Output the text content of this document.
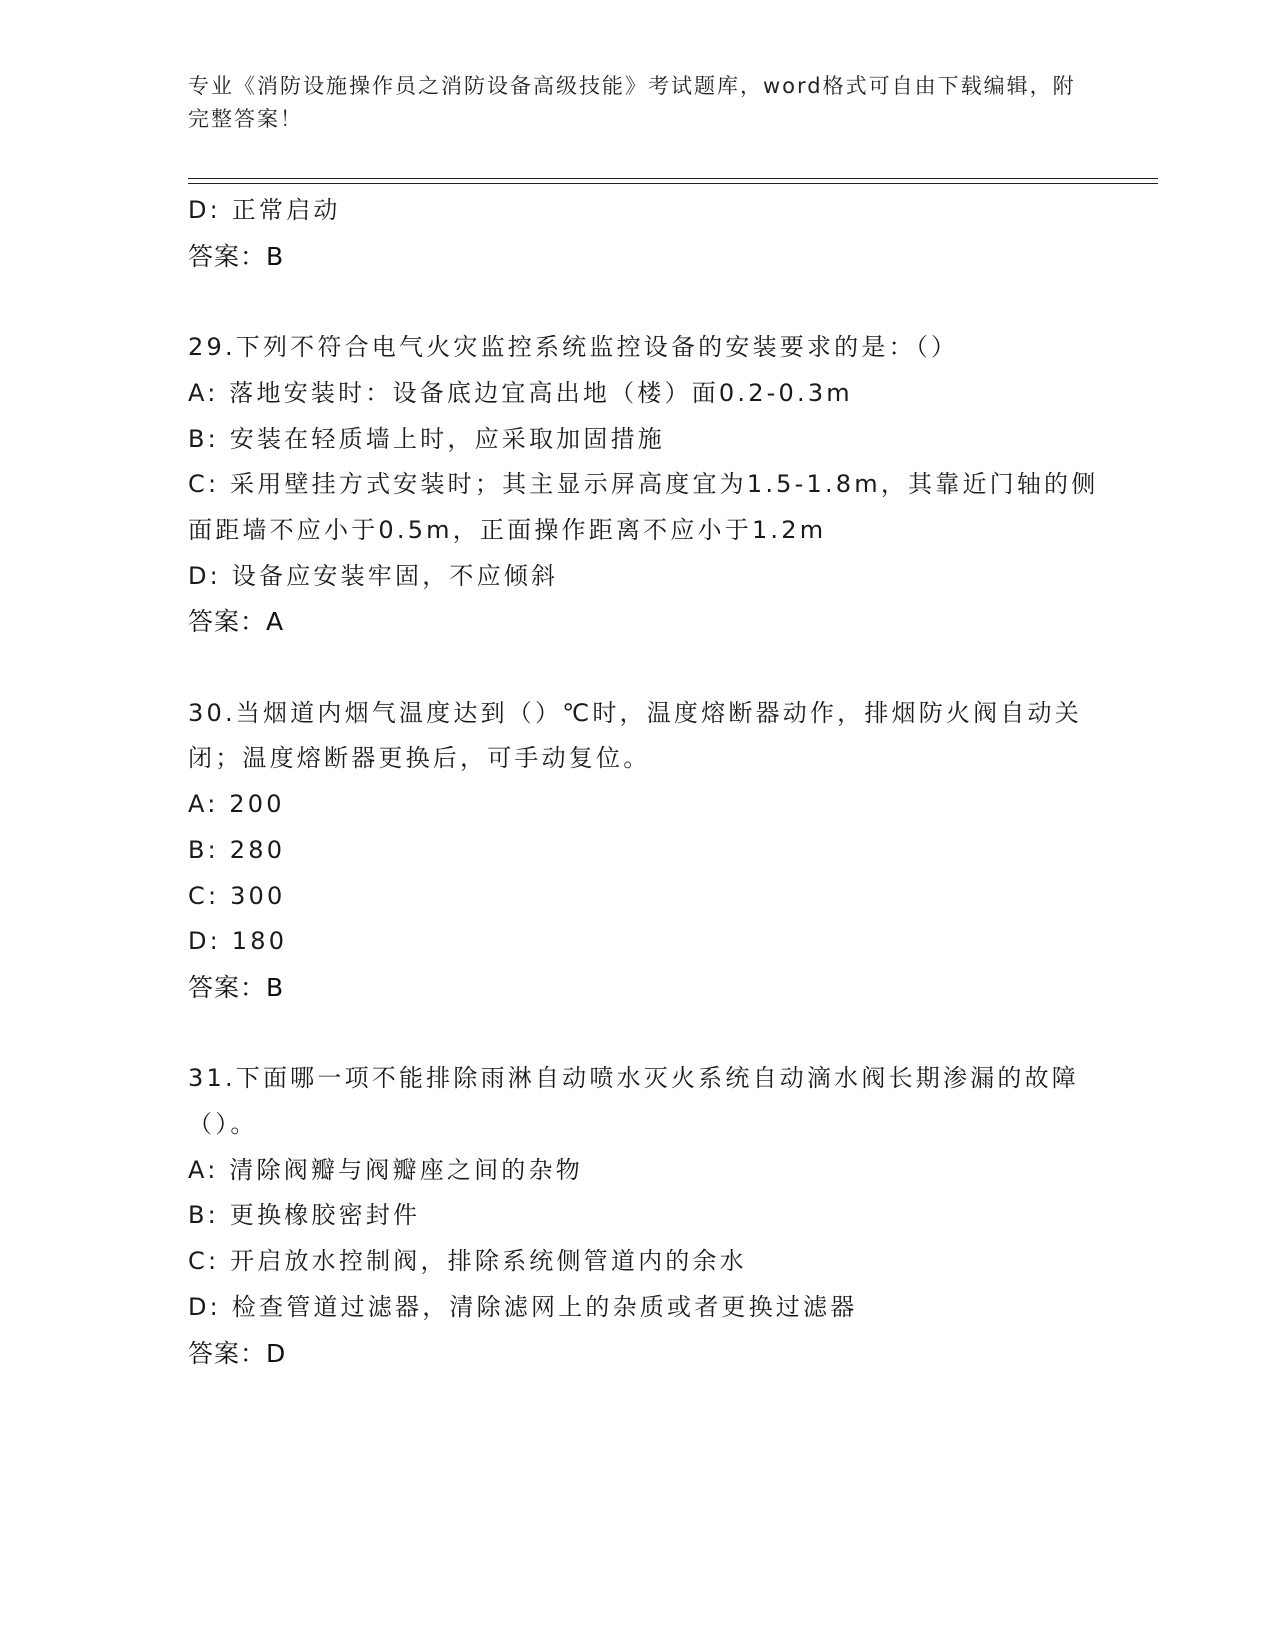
专业《消防设施操作员之消防设备高级技能》考试题库，word格式可自由下载编辑，附完整答案！
D: 正常启动
答案：B
29.下列不符合电气火灾监控系统监控设备的安装要求的是：（）
A: 落地安装时：设备底边宜高出地（楼）面0.2-0.3m
B: 安装在轻质墙上时，应采取加固措施
C: 采用壁挂方式安装时；其主显示屏高度宜为1.5-1.8m，其靠近门轴的侧面距墙不应小于0.5m，正面操作距离不应小于1.2m
D: 设备应安装牢固，不应倾斜
答案：A
30.当烟道内烟气温度达到（）℃时，温度熔断器动作，排烟防火阀自动关闭；温度熔断器更换后，可手动复位。
A: 200
B: 280
C: 300
D: 180
答案：B
31.下面哪一项不能排除雨淋自动喷水灭火系统自动滴水阀长期渗漏的故障（）。
A: 清除阀瓣与阀瓣座之间的杂物
B: 更换橡胶密封件
C: 开启放水控制阀，排除系统侧管道内的余水
D: 检查管道过滤器，清除滤网上的杂质或者更换过滤器
答案：D
